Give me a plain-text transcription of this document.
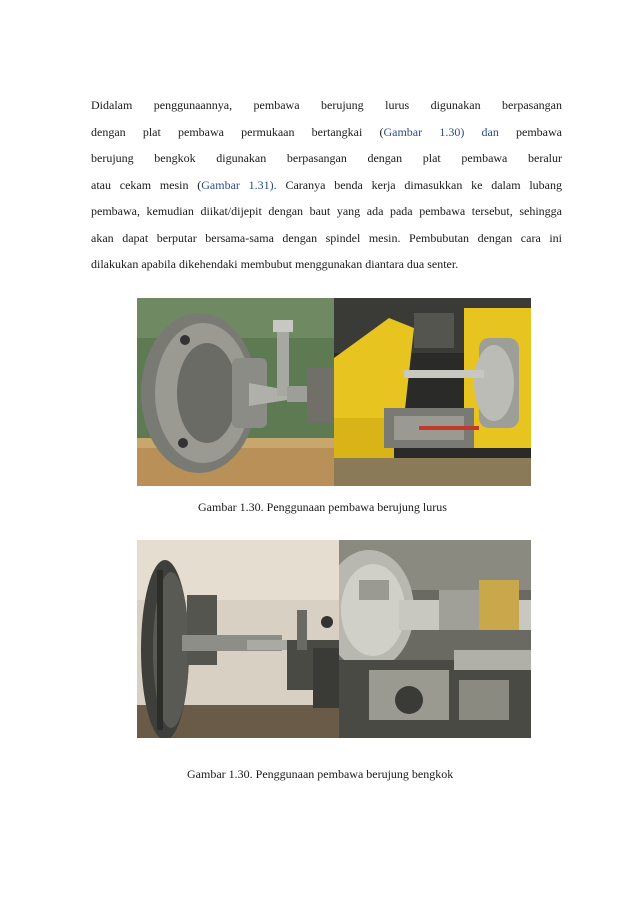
Didalam penggunaannya, pembawa berujung lurus digunakan berpasangan
dengan plat pembawa permukaan bertangkai (Gambar 1.30) dan pembawa
berujung bengkok digunakan berpasangan dengan plat pembawa beralur
atau cekam mesin (Gambar 1.31). Caranya benda kerja dimasukkan ke dalam lubang
pembawa, kemudian diikat/dijepit dengan baut yang ada pada pembawa tersebut, sehingga
akan dapat berputar bersama-sama dengan spindel mesin. Pembubutan dengan cara ini
dilakukan apabila dikehendaki membubut menggunakan diantara dua senter.
Gambar 1.30. Penggunaan pembawa berujung lurus
Gambar 1.30. Penggunaan pembawa berujung bengkok
